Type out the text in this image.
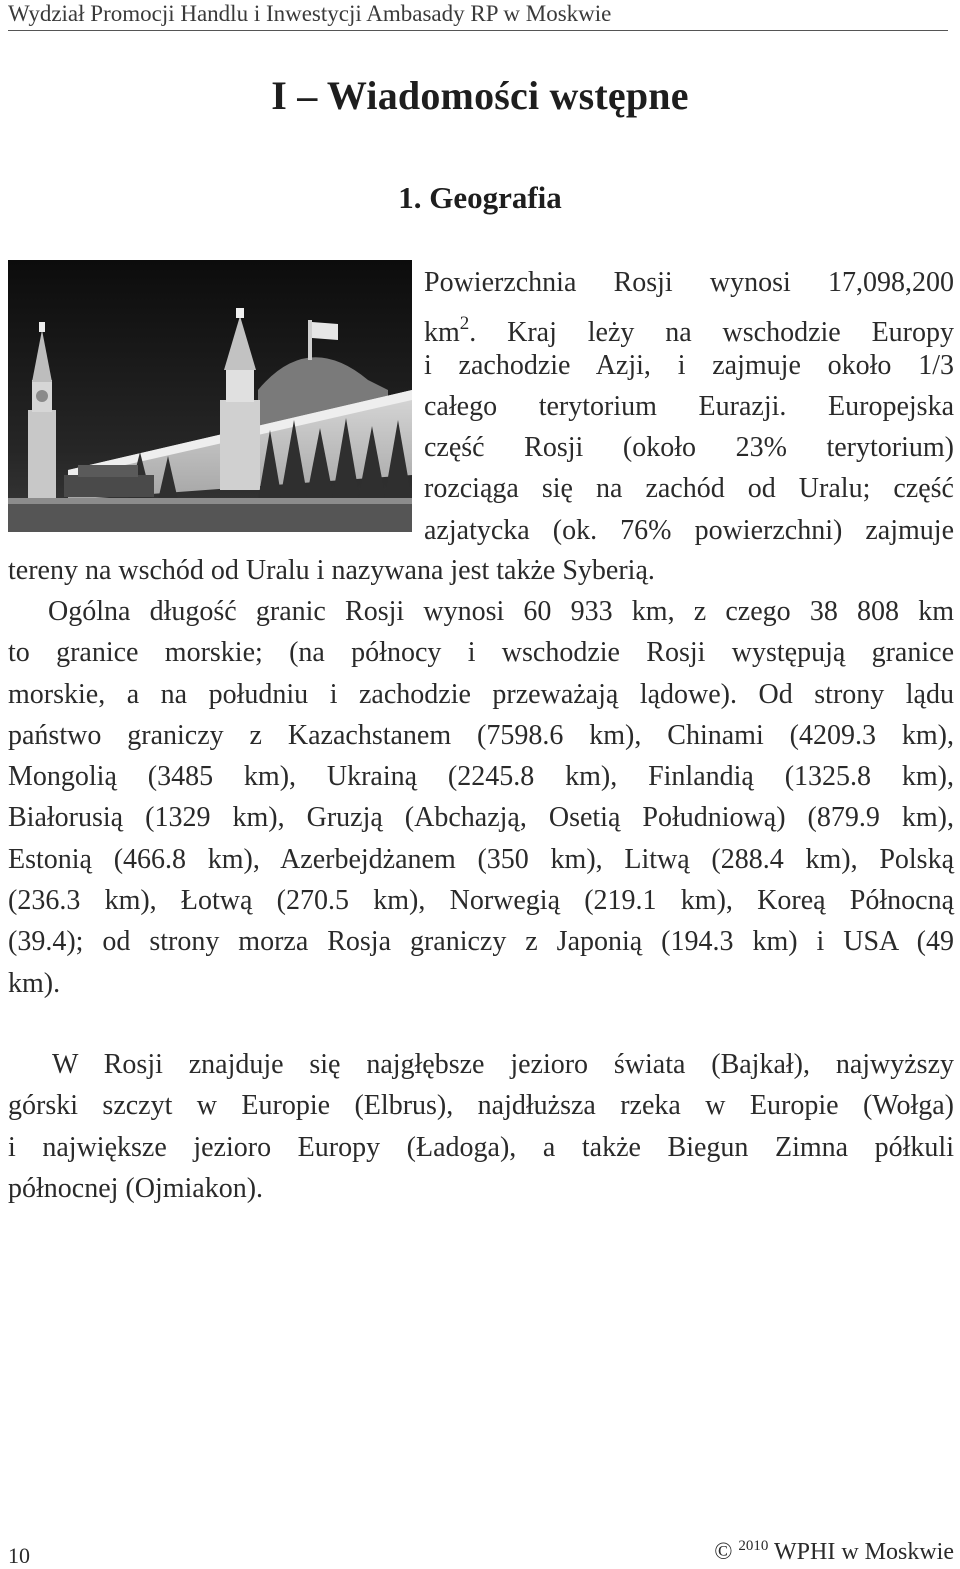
Wydział Promocji Handlu i Inwestycji Ambasady RP w Moskwie
I – Wiadomości wstępne
1. Geografia
Powierzchnia Rosji wynosi 17,098,200
$km^2$. Kraj leży na wschodzie Europy
i zachodzie Azji, i zajmuje około 1/3
całego terytorium Eurazji. Europejska
część Rosji (około 23% terytorium)
rozciąga się na zachód od Uralu; część
azjatycka (ok. 76% powierzchni) zajmuje
tereny na wschód od Uralu i nazywana jest także Syberią.
Ogólna długość granic Rosji wynosi 60 933 km, z czego 38 808 km
to granice morskie; (na północy i wschodzie Rosji występują granice
morskie, a na południu i zachodzie przeważają lądowe). Od strony lądu
państwo graniczy z Kazachstanem (7598.6 km), Chinami (4209.3 km),
Mongolią (3485 km), Ukrainą (2245.8 km), Finlandią (1325.8 km),
Białorusią (1329 km), Gruzją (Abchazją, Osetią Południową) (879.9 km),
Estonią (466.8 km), Azerbejdżanem (350 km), Litwą (288.4 km), Polską
(236.3 km), Łotwą (270.5 km), Norwegią (219.1 km), Koreą Północną
(39.4); od strony morza Rosja graniczy z Japonią (194.3 km) i USA (49
km).
W Rosji znajduje się najgłębsze jezioro świata (Bajkał), najwyższy
górski szczyt w Europie (Elbrus), najdłuższa rzeka w Europie (Wołga)
i największe jezioro Europy (Ładoga), a także Biegun Zimna półkuli
północnej (Ojmiakon).
10	© $^{2010}$ WPHI w Moskwie
